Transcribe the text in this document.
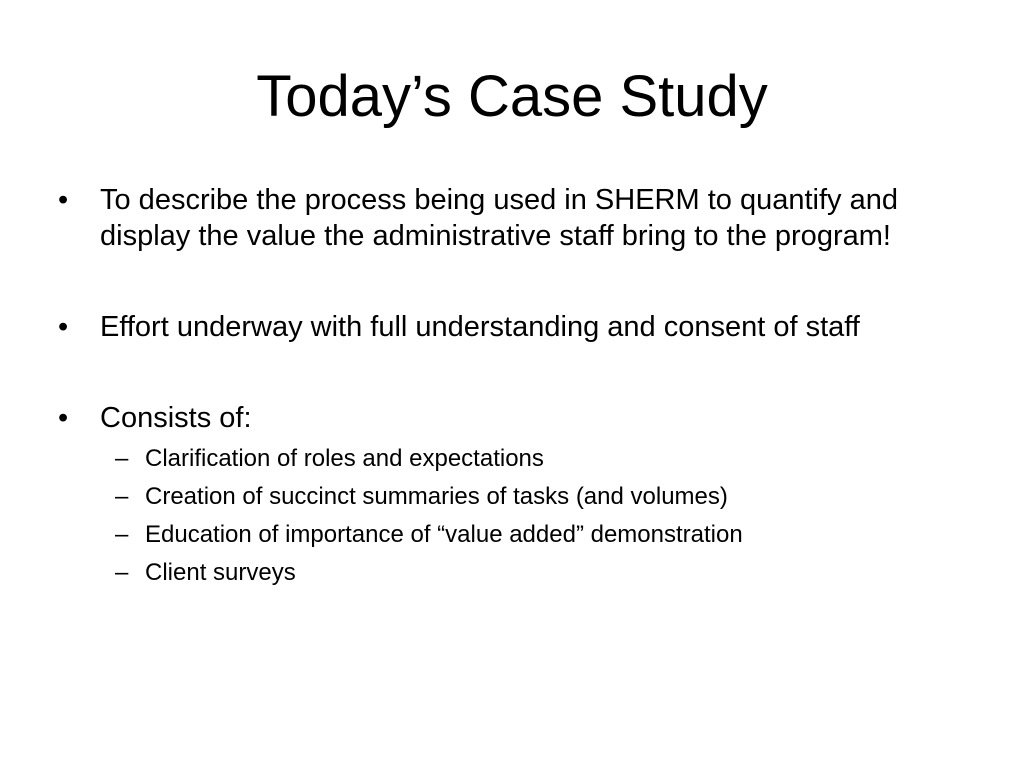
Today’s Case Study
•	To describe the process being used in SHERM to quantify and display the value the administrative staff bring to the program!
•	Effort underway with full understanding and consent of staff
•	Consists of:
– Clarification of roles and expectations
– Creation of succinct summaries of tasks (and volumes)
– Education of importance of “value added” demonstration
– Client surveys
